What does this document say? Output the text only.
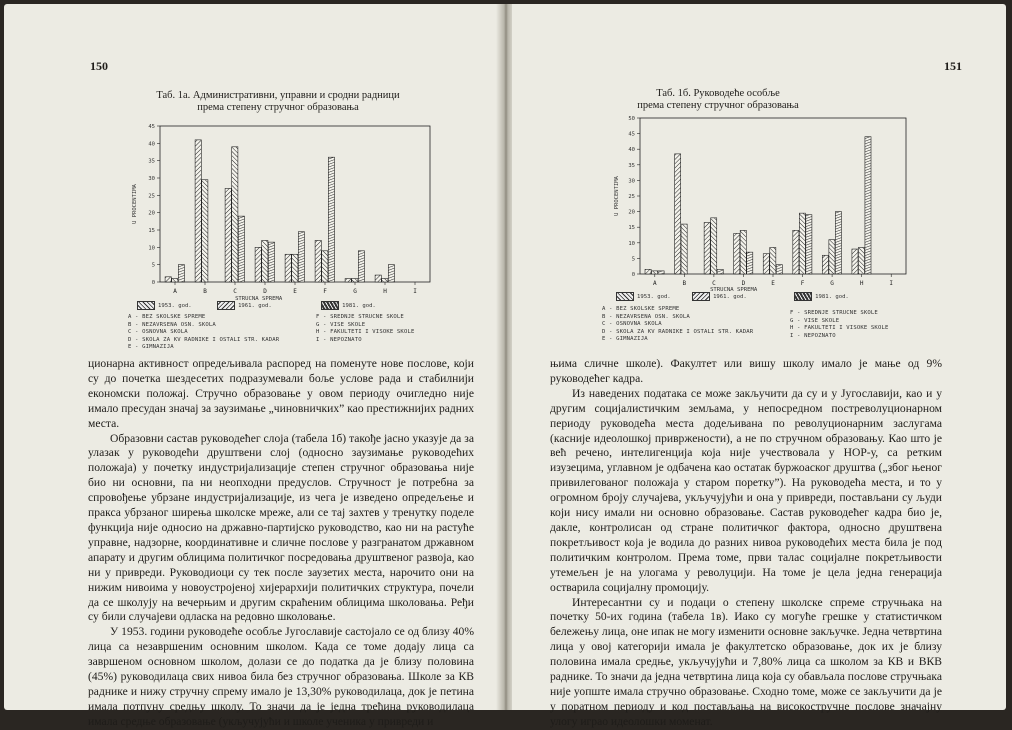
150
Таб. 1а. Административни, управни и сродни радници
према степену стручног образовања
0
5
10
15
20
25
30
35
40
45
U PROCENTIMA
A	B	C	D	E	F	G	H	I
1953. god.
STRUCNA SPREMA
1961. god.	1981. god.
A - BEZ SKOLSKE SPREME
B - NEZAVRSENA OSN. SKOLA
C - OSNOVNA SKOLA
D - SKOLA ZA KV RADNIKE I OSTALI STR. KADAR
E - GIMNAZIJA
F - SREDNJE STRUCNE SKOLE
G - VISE SKOLE
H - FAKULTETI I VISOKE SKOLE
I - NEPOZNATO

ционарна активност опредељивала распоред на поменуте нове послове, који су до почетка шездесетих подразумевали боље услове рада и стабилнији економски положај. Стручно образовање у овом периоду очигледно није имало пресудан значај за заузимање „чиновничких” као престижнијих радних места.

Образовни састав руководећег слоја (табела 1б) такође јасно указује да за улазак у руководећи друштвени слој (односно заузимање руководећих положаја) у почетку индустријализације степен стручног образовања није био ни основни, па ни неопходни предуслов. Стручност је потребна за спровођење убрзане индустријализације, из чега је изведено опредељење и пракса убрзаног ширења школске мреже, али се тај захтев у тренутку поделе функција није односио на државно-партијско руководство, као ни на растуће управне, надзорне, координативне и сличне послове у разгранатом државном апарату и другим облицима политичког посредовања друштвеног развоја, као ни у привреди. Руководиоци су тек после заузетих места, нарочито они на нижим нивоима у новоустројеној хијерархији политичких структура, почели да се школују на вечерњим и другим скраћеним облицима школовања. Ређи су били случајеви одласка на редовно школовање.

У 1953. години руководеће особље Југославије састојало се од близу 40% лица са незавршеним основним школом. Када се томе додају лица са завршеном основном школом, долази се до податка да је близу половина (45%) руководилаца свих нивоа била без стручног образовања. Школе за КВ раднике и нижу стручну спрему имало је 13,30% руководилаца, док је петина имала потпуну средњу школу. То значи да је једна трећина руководилаца имала средње образовање (укључујући и школе ученика у привреди и

151
Таб. 1б. Руководеће особље
према степену стручног образовања
0
5
10
15
20
25
30
35
40
45
50
U PROCENTIMA
A	B	C	D	E	F	G	H	I
1953. god.
STRUCNA SPREMA
1961. god.	1981. god.
A - BEZ SKOLSKE SPREME
B - NEZAVRSENA OSN. SKOLA
C - OSNOVNA SKOLA
D - SKOLA ZA KV RADNIKE I OSTALI STR. KADAR
E - GIMNAZIJA
F - SREDNJE STRUCNE SKOLE
G - VISE SKOLE
H - FAKULTETI I VISOKE SKOLE
I - NEPOZNATO

њима сличне школе). Факултет или вишу школу имало је мање од 9% руководећег кадра.

Из наведених података се може закључити да су и у Југославији, као и у другим социјалистичким земљама, у непосредном постреволуционарном периоду руководећа места додељивана по револуционарним заслугама (касније идеолошкој привржености), а не по стручном образовању. Као што је већ речено, интелигенција која није учествовала у НОР-у, са ретким изузецима, углавном је одбачена као остатак буржоаског друштва („због њеног привилегованог положаја у старом поретку”). На руководећа места, и то у огромном броју случајева, укључујући и она у привреди, постављани су људи који нису имали ни основно образовање. Састав руководећег кадра био је, дакле, контролисан од стране политичког фактора, односно друштвена покретљивост која је водила до разних нивоа руководећих места била је под политичким контролом. Према томе, први талас социјалне покретљивости утемељен је на улогама у револуцији. На томе је цела једна генерација остварила социјалну промоцију.

Интересантни су и подаци о степену школске спреме стручњака на почетку 50-их година (табела 1в). Иако су могуће грешке у статистичком бележењу лица, оне ипак не могу изменити основне закључке. Једна четвртина лица у овој категорији имала је факултетско образовање, док их је близу половина имала средње, укључујући и 7,80% лица са школом за КВ и ВКВ раднике. То значи да једна четвртина лица која су обављала послове стручњака није уопште имала стручно образовање. Сходно томе, може се закључити да је у поратном периоду и код постављања на високостручне послове значајну улогу играо идеолошки моменат.
